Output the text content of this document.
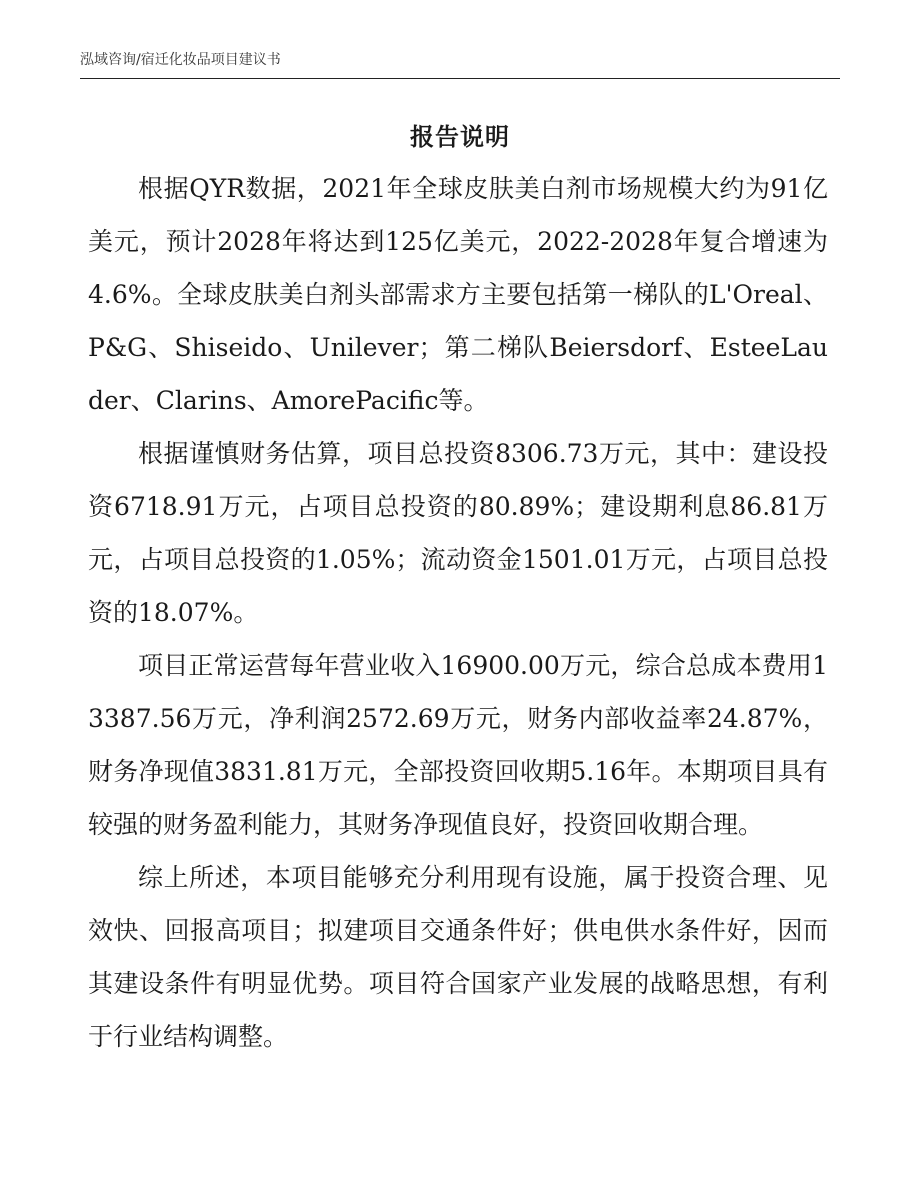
泓域咨询/宿迁化妆品项目建议书
报告说明

根据QYR数据，2021年全球皮肤美白剂市场规模大约为91亿美元，预计2028年将达到125亿美元，2022-2028年复合增速为4.6%。全球皮肤美白剂头部需求方主要包括第一梯队的L'Oreal、P&G、Shiseido、Unilever；第二梯队Beiersdorf、EsteeLauder、Clarins、AmorePacific等。

根据谨慎财务估算，项目总投资8306.73万元，其中：建设投资6718.91万元，占项目总投资的80.89%；建设期利息86.81万元，占项目总投资的1.05%；流动资金1501.01万元，占项目总投资的18.07%。

项目正常运营每年营业收入16900.00万元，综合总成本费用13387.56万元，净利润2572.69万元，财务内部收益率24.87%，财务净现值3831.81万元，全部投资回收期5.16年。本期项目具有较强的财务盈利能力，其财务净现值良好，投资回收期合理。

综上所述，本项目能够充分利用现有设施，属于投资合理、见效快、回报高项目；拟建项目交通条件好；供电供水条件好，因而其建设条件有明显优势。项目符合国家产业发展的战略思想，有利于行业结构调整。
